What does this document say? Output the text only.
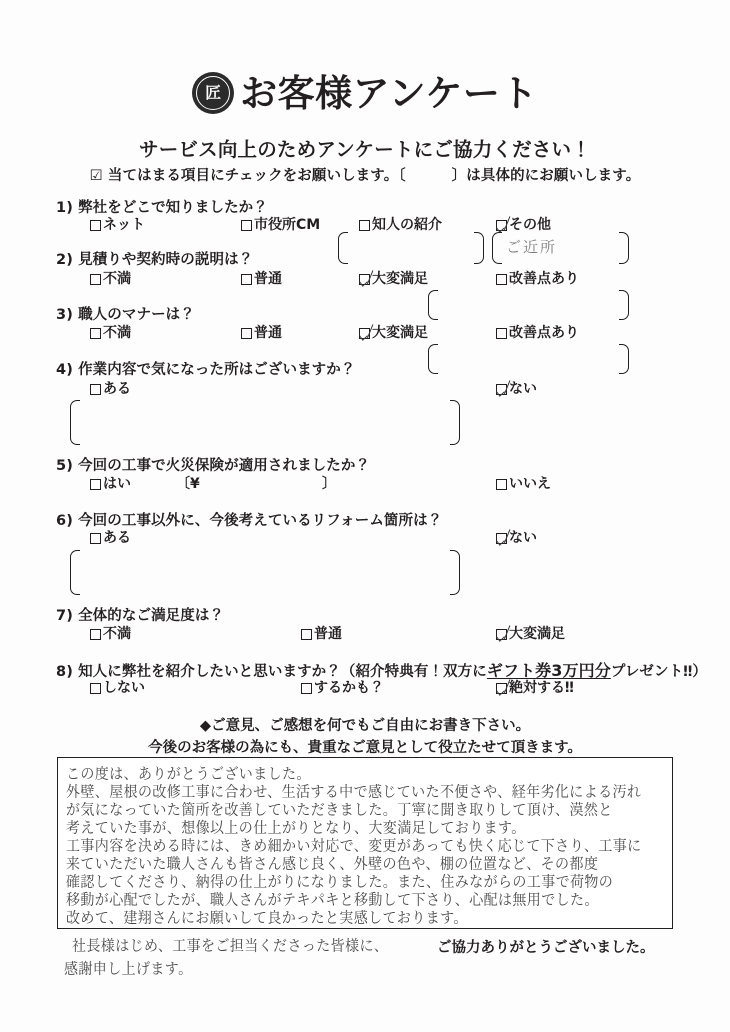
匠 お客様アンケート
サービス向上のためアンケートにご協力ください！
☑ 当てはまる項目にチェックをお願いします。〔	〕は具体的にお願いします。
1) 弊社をどこで知りましたか？
ネット	市役所CM	知人の紹介	その他
ご近所
2) 見積りや契約時の説明は？
不満	普通	大変満足	改善点あり
3) 職人のマナーは？
不満	普通	大変満足	改善点あり
4) 作業内容で気になった所はございますか？
ある	ない
5) 今回の工事で火災保険が適用されましたか？
はい	〔¥	〕	いいえ
6) 今回の工事以外に、今後考えているリフォーム箇所は？
ある	ない
7) 全体的なご満足度は？
不満	普通	大変満足
8) 知人に弊社を紹介したいと思いますか？（紹介特典有！双方にギフト券3万円分プレゼント‼）
しない	するかも？	絶対する‼
◆ご意見、ご感想を何でもご自由にお書き下さい。
今後のお客様の為にも、貴重なご意見として役立たせて頂きます。
この度は、ありがとうございました。
外壁、屋根の改修工事に合わせ、生活する中で感じていた不便さや、経年劣化による汚れ
が気になっていた箇所を改善していただきました。丁寧に聞き取りして頂け、漠然と
考えていた事が、想像以上の仕上がりとなり、大変満足しております。
工事内容を決める時には、きめ細かい対応で、変更があっても快く応じて下さり、工事に
来ていただいた職人さんも皆さん感じ良く、外壁の色や、棚の位置など、その都度
確認してくださり、納得の仕上がりになりました。また、住みながらの工事で荷物の
移動が心配でしたが、職人さんがテキパキと移動して下さり、心配は無用でした。
改めて、建翔さんにお願いして良かったと実感しております。
社長様はじめ、工事をご担当くださった皆様に、
感謝申し上げます。
ご協力ありがとうございました。
